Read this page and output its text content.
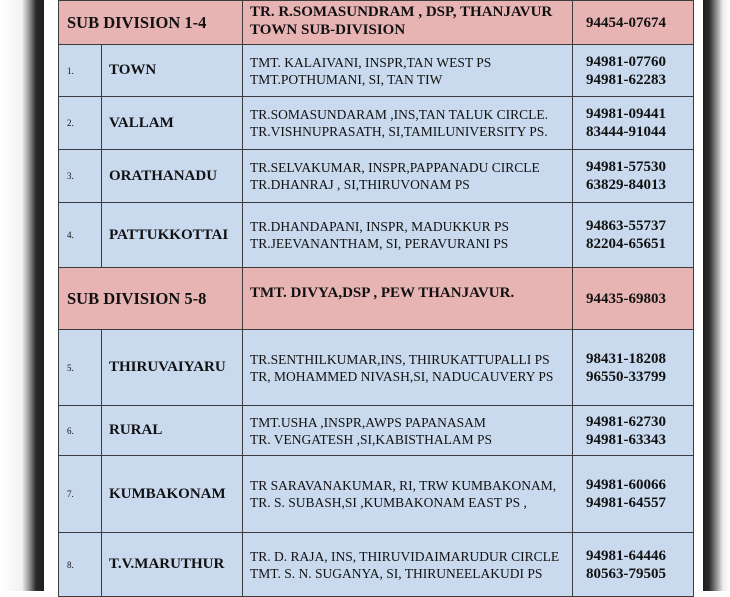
SUB DIVISION 1-4		TR. R.SOMASUNDRAM , DSP, THANJAVUR
TOWN SUB-DIVISION	94454-07674
1.	TOWN	TMT. KALAIVANI, INSPR,TAN WEST PS
TMT.POTHUMANI, SI, TAN TIW	94981-07760
94981-62283

2.	VALLAM	TR.SOMASUNDARAM ,INS,TAN TALUK CIRCLE.
TR.VISHNUPRASATH, SI,TAMILUNIVERSITY PS.	94981-09441
83444-91044

3.	ORATHANADU	TR.SELVAKUMAR, INSPR,PAPPANADU CIRCLE
TR.DHANRAJ , SI,THIRUVONAM PS	94981-57530
63829-84013

4.	PATTUKKOTTAI	TR.DHANDAPANI, INSPR, MADUKKUR PS
TR.JEEVANANTHAM, SI, PERAVURANI PS	94863-55737
82204-65651

SUB DIVISION 5-8		TMT. DIVYA,DSP , PEW THANJAVUR.	94435-69803
5.	THIRUVAIYARU	TR.SENTHILKUMAR,INS, THIRUKATTUPALLI PS
TR, MOHAMMED NIVASH,SI, NADUCAUVERY PS	98431-18208
96550-33799

6.	RURAL	TMT.USHA ,INSPR,AWPS PAPANASAM
TR. VENGATESH ,SI,KABISTHALAM PS	94981-62730
94981-63343

7.	KUMBAKONAM	TR SARAVANAKUMAR, RI, TRW KUMBAKONAM,
TR. S. SUBASH,SI ,KUMBAKONAM EAST PS ,	94981-60066
94981-64557

8.	T.V.MARUTHUR	TR. D. RAJA, INS, THIRUVIDAIMARUDUR CIRCLE
TMT. S. N. SUGANYA, SI, THIRUNEELAKUDI PS	94981-64446
80563-79505
